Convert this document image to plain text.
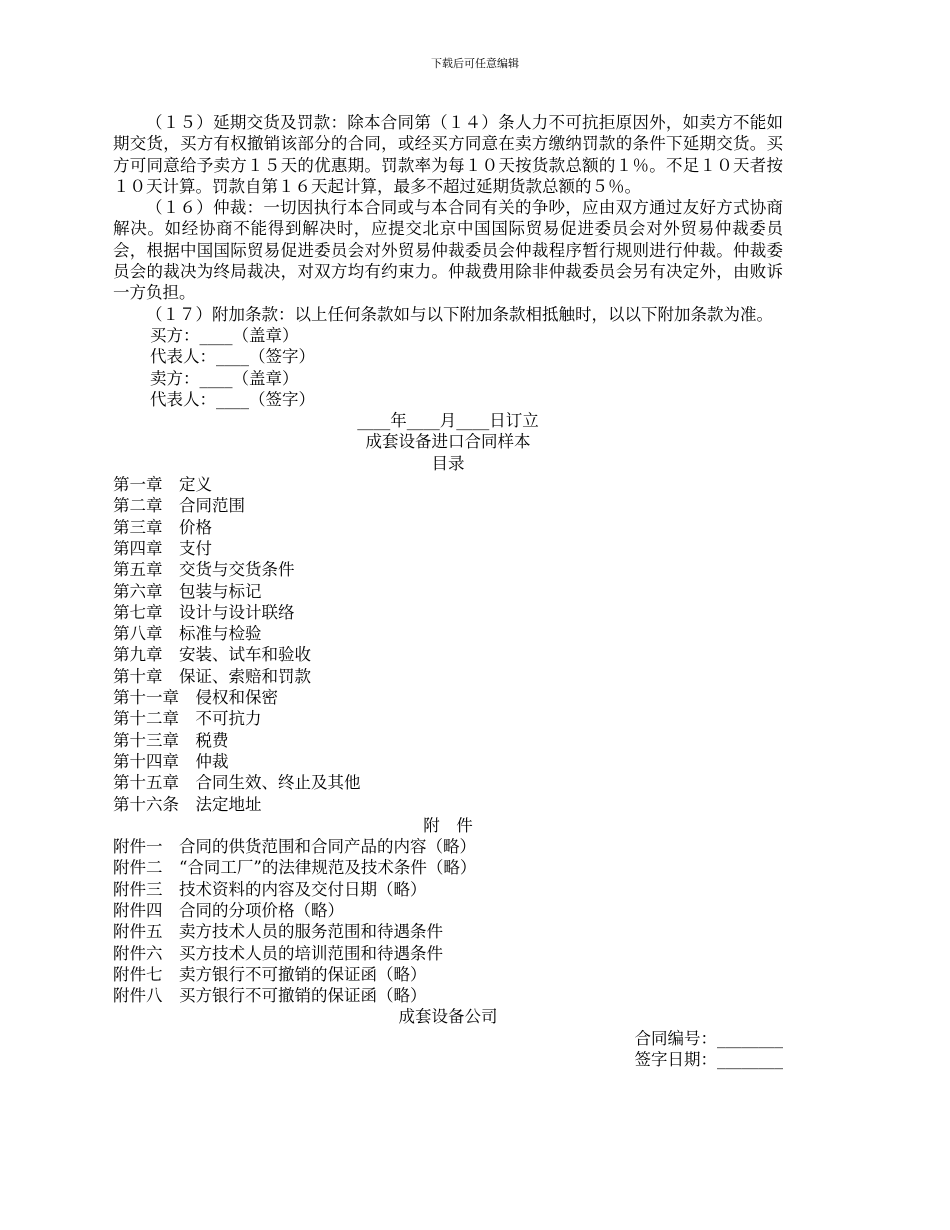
下载后可任意编辑

（１５）延期交货及罚款：除本合同第（１４）条人力不可抗拒原因外，如卖方不能如期交货，买方有权撤销该部分的合同，或经买方同意在卖方缴纳罚款的条件下延期交货。买方可同意给予卖方１５天的优惠期。罚款率为每１０天按货款总额的１％。不足１０天者按１０天计算。罚款自第１６天起计算，最多不超过延期货款总额的５％。

（１６）仲裁：一切因执行本合同或与本合同有关的争吵，应由双方通过友好方式协商解决。如经协商不能得到解决时，应提交北京中国国际贸易促进委员会对外贸易仲裁委员会，根据中国国际贸易促进委员会对外贸易仲裁委员会仲裁程序暂行规则进行仲裁。仲裁委员会的裁决为终局裁决，对双方均有约束力。仲裁费用除非仲裁委员会另有决定外，由败诉一方负担。

（１７）附加条款：以上任何条款如与以下附加条款相抵触时，以以下附加条款为准。

买方：____（盖章）

代表人：____（签字）

卖方：____（盖章）

代表人：____（签字）

____年____月____日订立

成套设备进口合同样本

目录

第一章　定义

第二章　合同范围

第三章　价格

第四章　支付

第五章　交货与交货条件

第六章　包装与标记

第七章　设计与设计联络

第八章　标准与检验

第九章　安装、试车和验收

第十章　保证、索赔和罚款

第十一章　侵权和保密

第十二章　不可抗力

第十三章　税费

第十四章　仲裁

第十五章　合同生效、终止及其他

第十六条　法定地址

附　件

附件一　合同的供货范围和合同产品的内容（略）

附件二　“合同工厂”的法律规范及技术条件（略）

附件三　技术资料的内容及交付日期（略）

附件四　合同的分项价格（略）

附件五　卖方技术人员的服务范围和待遇条件

附件六　买方技术人员的培训范围和待遇条件

附件七　卖方银行不可撤销的保证函（略）

附件八　买方银行不可撤销的保证函（略）

成套设备公司

合同编号：________
签字日期：________
